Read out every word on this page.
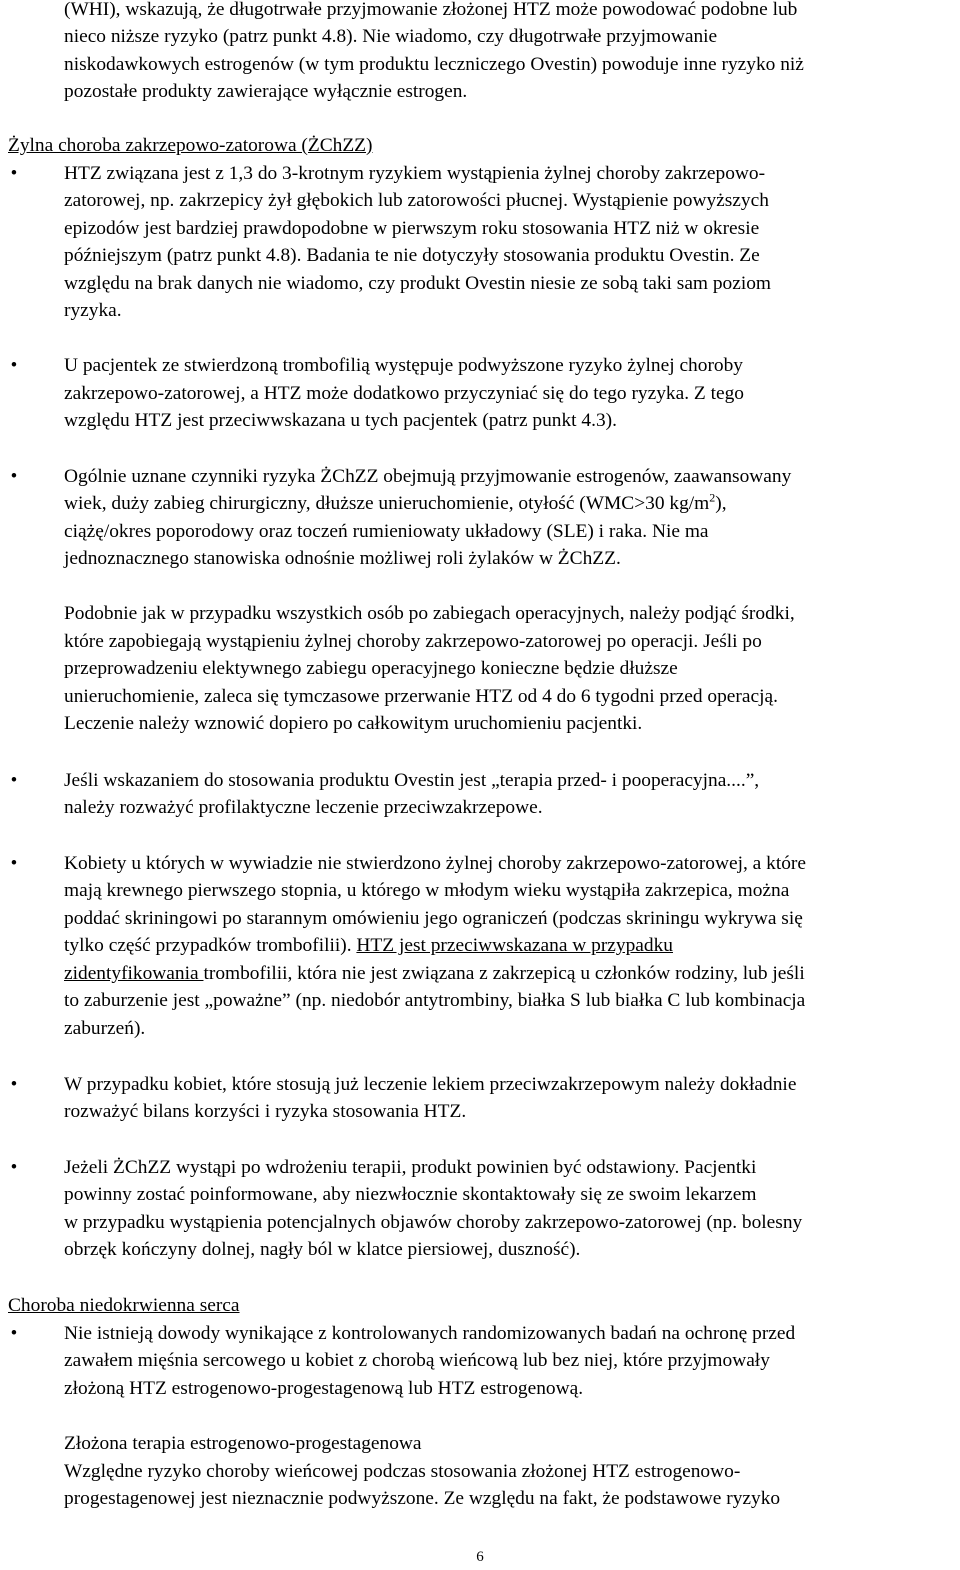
(WHI), wskazują, że długotrwałe przyjmowanie złożonej HTZ może powodować podobne lub

nieco niższe ryzyko (patrz punkt 4.8). Nie wiadomo, czy długotrwałe przyjmowanie

niskodawkowych estrogenów (w tym produktu leczniczego Ovestin) powoduje inne ryzyko niż

pozostałe produkty zawierające wyłącznie estrogen.

Żylna choroba zakrzepowo-zatorowa (ŻChZZ)

• HTZ związana jest z 1,3 do 3-krotnym ryzykiem wystąpienia żylnej choroby zakrzepowo-

zatorowej, np. zakrzepicy żył głębokich lub zatorowości płucnej. Wystąpienie powyższych

epizodów jest bardziej prawdopodobne w pierwszym roku stosowania HTZ niż w okresie

późniejszym (patrz punkt 4.8). Badania te nie dotyczyły stosowania produktu Ovestin. Ze

względu na brak danych nie wiadomo, czy produkt Ovestin niesie ze sobą taki sam poziom

ryzyka.

• U pacjentek ze stwierdzoną trombofilią występuje podwyższone ryzyko żylnej choroby

zakrzepowo-zatorowej, a HTZ może dodatkowo przyczyniać się do tego ryzyka. Z tego

względu HTZ jest przeciwwskazana u tych pacjentek (patrz punkt 4.3).

• Ogólnie uznane czynniki ryzyka ŻChZZ obejmują przyjmowanie estrogenów, zaawansowany

wiek, duży zabieg chirurgiczny, dłuższe unieruchomienie, otyłość (WMC>30 $kg/m^2$),

ciążę/okres poporodowy oraz toczeń rumieniowaty układowy (SLE) i raka. Nie ma

jednoznacznego stanowiska odnośnie możliwej roli żylaków w ŻChZZ.

Podobnie jak w przypadku wszystkich osób po zabiegach operacyjnych, należy podjąć środki,

które zapobiegają wystąpieniu żylnej choroby zakrzepowo-zatorowej po operacji. Jeśli po

przeprowadzeniu elektywnego zabiegu operacyjnego konieczne będzie dłuższe

unieruchomienie, zaleca się tymczasowe przerwanie HTZ od 4 do 6 tygodni przed operacją.

Leczenie należy wznowić dopiero po całkowitym uruchomieniu pacjentki.

• Jeśli wskazaniem do stosowania produktu Ovestin jest „terapia przed- i pooperacyjna....”,

należy rozważyć profilaktyczne leczenie przeciwzakrzepowe.

• Kobiety u których w wywiadzie nie stwierdzono żylnej choroby zakrzepowo-zatorowej, a które

mają krewnego pierwszego stopnia, u którego w młodym wieku wystąpiła zakrzepica, można

poddać skriningowi po starannym omówieniu jego ograniczeń (podczas skriningu wykrywa się

tylko część przypadków trombofilii). HTZ jest przeciwwskazana w przypadku

zidentyfikowania trombofilii, która nie jest związana z zakrzepicą u członków rodziny, lub jeśli

to zaburzenie jest „poważne” (np. niedobór antytrombiny, białka S lub białka C lub kombinacja

zaburzeń).

• W przypadku kobiet, które stosują już leczenie lekiem przeciwzakrzepowym należy dokładnie

rozważyć bilans korzyści i ryzyka stosowania HTZ.

• Jeżeli ŻChZZ wystąpi po wdrożeniu terapii, produkt powinien być odstawiony. Pacjentki

powinny zostać poinformowane, aby niezwłocznie skontaktowały się ze swoim lekarzem

w przypadku wystąpienia potencjalnych objawów choroby zakrzepowo-zatorowej (np. bolesny

obrzęk kończyny dolnej, nagły ból w klatce piersiowej, duszność).

Choroba niedokrwienna serca

• Nie istnieją dowody wynikające z kontrolowanych randomizowanych badań na ochronę przed

zawałem mięśnia sercowego u kobiet z chorobą wieńcową lub bez niej, które przyjmowały

złożoną HTZ estrogenowo-progestagenową lub HTZ estrogenową.

Złożona terapia estrogenowo-progestagenowa

Względne ryzyko choroby wieńcowej podczas stosowania złożonej HTZ estrogenowo-

progestagenowej jest nieznacznie podwyższone. Ze względu na fakt, że podstawowe ryzyko

6
